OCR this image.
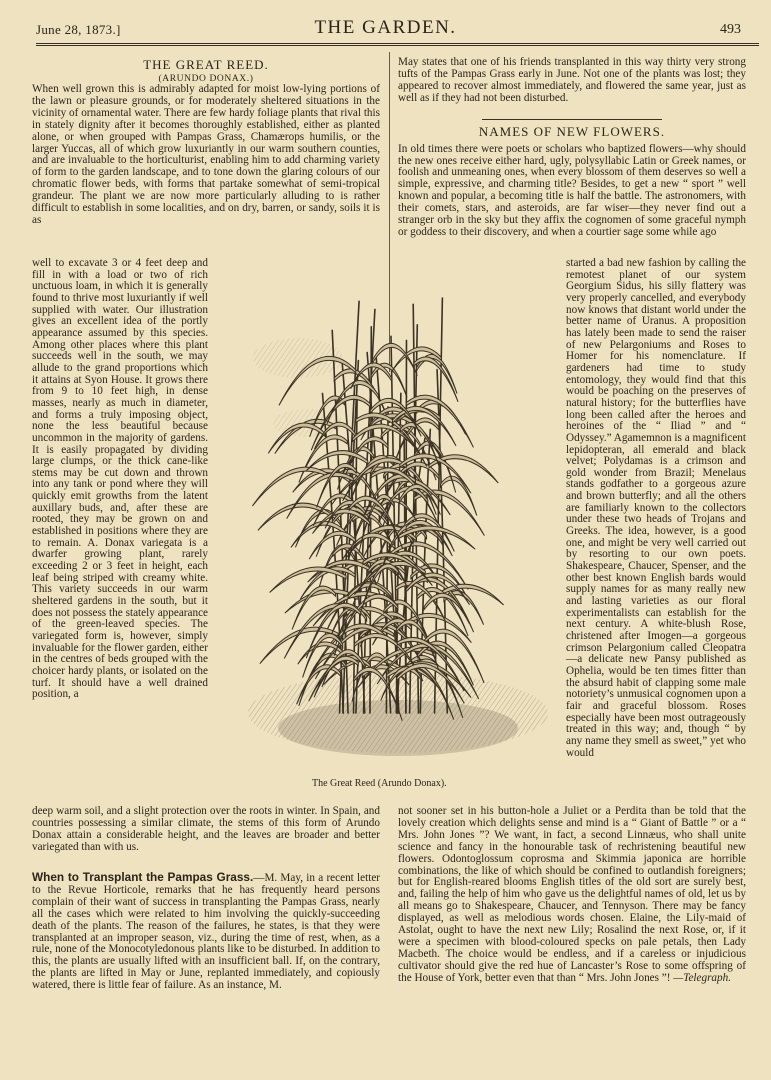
June 28, 1873.]	THE GARDEN.	493
THE GREAT REED.
(ARUNDO DONAX.)

When well grown this is admirably adapted for moist low-lying portions of the lawn or pleasure grounds, or for moderately sheltered situations in the vicinity of ornamental water. There are few hardy foliage plants that rival this in stately dignity after it becomes thoroughly established, either as planted alone, or when grouped with Pampas Grass, Chamærops humilis, or the larger Yuccas, all of which grow luxuriantly in our warm southern counties, and are invaluable to the horticulturist, enabling him to add charming variety of form to the garden landscape, and to tone down the glaring colours of our chromatic flower beds, with forms that partake somewhat of semi-tropical grandeur. The plant we are now more particularly alluding to is rather difficult to establish in some localities, and on dry, barren, or sandy, soils it is as

well to excavate 3 or 4 feet deep and fill in with a load or two of rich unctuous loam, in which it is generally found to thrive most luxuriantly if well supplied with water. Our illustration gives an excellent idea of the portly appearance assumed by this species. Among other places where this plant succeeds well in the south, we may allude to the grand proportions which it attains at Syon House. It grows there from 9 to 10 feet high, in dense masses, nearly as much in diameter, and forms a truly imposing object, none the less beautiful because uncommon in the majority of gardens. It is easily propagated by dividing large clumps, or the thick cane-like stems may be cut down and thrown into any tank or pond where they will quickly emit growths from the latent auxillary buds, and, after these are rooted, they may be grown on and established in positions where they are to remain. A. Donax variegata is a dwarfer growing plant, rarely exceeding 2 or 3 feet in height, each leaf being striped with creamy white. This variety succeeds in our warm sheltered gardens in the south, but it does not possess the stately appearance of the green-leaved species. The variegated form is, however, simply invaluable for the flower garden, either in the centres of beds grouped with the choicer hardy plants, or isolated on the turf. It should have a well drained position, a

deep warm soil, and a slight protection over the roots in winter. In Spain, and countries possessing a similar climate, the stems of this form of Arundo Donax attain a considerable height, and the leaves are broader and better variegated than with us.

When to Transplant the Pampas Grass.—M. May, in a recent letter to the Revue Horticole, remarks that he has frequently heard persons complain of their want of success in transplanting the Pampas Grass, nearly all the cases which were related to him involving the quickly-succeeding death of the plants. The reason of the failures, he states, is that they were transplanted at an improper season, viz., during the time of rest, when, as a rule, none of the Monocotyledonous plants like to be disturbed. In addition to this, the plants are usually lifted with an insufficient ball. If, on the contrary, the plants are lifted in May or June, replanted immediately, and copiously watered, there is little fear of failure. As an instance, M.

May states that one of his friends transplanted in this way thirty very strong tufts of the Pampas Grass early in June. Not one of the plants was lost; they appeared to recover almost immediately, and flowered the same year, just as well as if they had not been disturbed.

NAMES OF NEW FLOWERS.

In old times there were poets or scholars who baptized flowers—why should the new ones receive either hard, ugly, polysyllabic Latin or Greek names, or foolish and unmeaning ones, when every blossom of them deserves so well a simple, expressive, and charming title? Besides, to get a new “ sport ” well known and popular, a becoming title is half the battle. The astronomers, with their comets, stars, and asteroids, are far wiser—they never find out a stranger orb in the sky but they affix the cognomen of some graceful nymph or goddess to their discovery, and when a courtier sage some while ago

started a bad new fashion by calling the remotest planet of our system Georgium Sidus, his silly flattery was very properly cancelled, and everybody now knows that distant world under the better name of Uranus. A proposition has lately been made to send the raiser of new Pelargoniums and Roses to Homer for his nomenclature. If gardeners had time to study entomology, they would find that this would be poaching on the preserves of natural history; for the butterflies have long been called after the heroes and heroines of the “ Iliad ” and “ Odyssey.” Agamemnon is a magnificent lepidopteran, all emerald and black velvet; Polydamas is a crimson and gold wonder from Brazil; Menelaus stands godfather to a gorgeous azure and brown butterfly; and all the others are familiarly known to the collectors under these two heads of Trojans and Greeks. The idea, however, is a good one, and might be very well carried out by resorting to our own poets. Shakespeare, Chaucer, Spenser, and the other best known English bards would supply names for as many really new and lasting varieties as our floral experimentalists can establish for the next century. A white-blush Rose, christened after Imogen—a gorgeous crimson Pelargonium called Cleopatra—a delicate new Pansy published as Ophelia, would be ten times fitter than the absurd habit of clapping some male notoriety’s unmusical cognomen upon a fair and graceful blossom. Roses especially have been most outrageously treated in this way; and, though “ by any name they smell as sweet,” yet who would

not sooner set in his button-hole a Juliet or a Perdita than be told that the lovely creation which delights sense and mind is a “ Giant of Battle ” or a “ Mrs. John Jones ”? We want, in fact, a second Linnæus, who shall unite science and fancy in the honourable task of rechristening beautiful new flowers. Odontoglossum coprosma and Skimmia japonica are horrible combinations, the like of which should be confined to outlandish foreigners; but for English-reared blooms English titles of the old sort are surely best, and, failing the help of him who gave us the delightful names of old, let us by all means go to Shakespeare, Chaucer, and Tennyson. There may be fancy displayed, as well as melodious words chosen. Elaine, the Lily-maid of Astolat, ought to have the next new Lily; Rosalind the next Rose, or, if it were a specimen with blood-coloured specks on pale petals, then Lady Macbeth. The choice would be endless, and if a careless or injudicious cultivator should give the red hue of Lancaster’s Rose to some offspring of the House of York, better even that than “ Mrs. John Jones ”! —Telegraph.

The Great Reed (Arundo Donax).
